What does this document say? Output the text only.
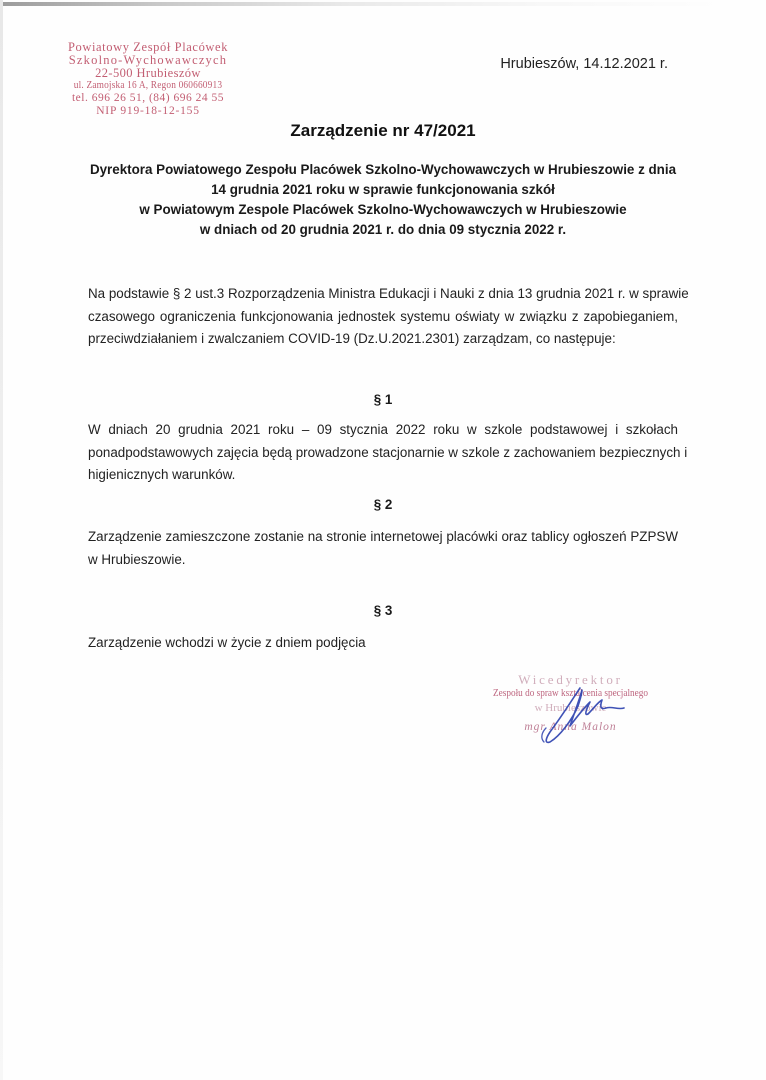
Powiatowy Zespół Placówek
Szkolno-Wychowawczych
22-500 Hrubieszów
ul. Zamojska 16 A, Regon 060660913
tel. 696 26 51, (84) 696 24 55
NIP 919-18-12-155
Hrubieszów, 14.12.2021 r.
Zarządzenie nr 47/2021
Dyrektora Powiatowego Zespołu Placówek Szkolno-Wychowawczych w Hrubieszowie z dnia
14 grudnia 2021 roku w sprawie funkcjonowania szkół
w Powiatowym Zespole Placówek Szkolno-Wychowawczych w Hrubieszowie
w dniach od 20 grudnia 2021 r. do dnia 09 stycznia 2022 r.
Na podstawie § 2 ust.3 Rozporządzenia Ministra Edukacji i Nauki z dnia 13 grudnia 2021 r. w sprawie
czasowego ograniczenia funkcjonowania jednostek systemu oświaty w związku z zapobieganiem,
przeciwdziałaniem i zwalczaniem COVID-19 (Dz.U.2021.2301) zarządzam, co następuje:
§ 1
W dniach 20 grudnia 2021 roku – 09 stycznia 2022 roku w szkole podstawowej i szkołach
ponadpodstawowych zajęcia będą prowadzone stacjonarnie w szkole z zachowaniem bezpiecznych i
higienicznych warunków.
§ 2
Zarządzenie zamieszczone zostanie na stronie internetowej placówki oraz tablicy ogłoszeń PZPSW
w Hrubieszowie.
§ 3
Zarządzenie wchodzi w życie z dniem podjęcia
Wicedyrektor
Zespołu do spraw kształcenia specjalnego
w Hrubieszowie
mgr Anna Malon
